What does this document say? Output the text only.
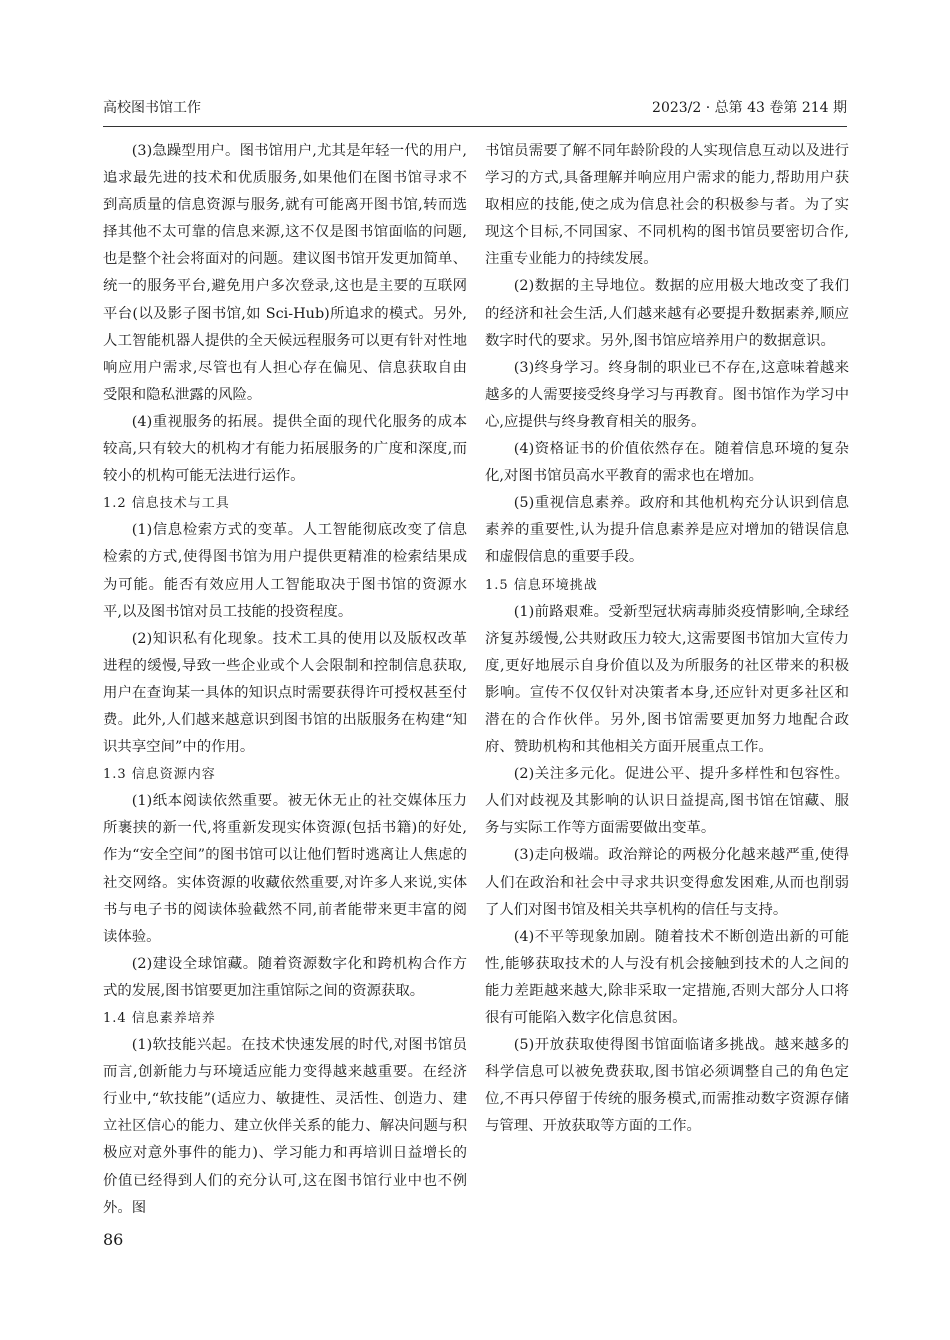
高校图书馆工作	2023/2 · 总第 43 卷第 214 期

(3)急躁型用户。图书馆用户,尤其是年轻一代的用户,追求最先进的技术和优质服务,如果他们在图书馆寻求不到高质量的信息资源与服务,就有可能离开图书馆,转而选择其他不太可靠的信息来源,这不仅是图书馆面临的问题,也是整个社会将面对的问题。建议图书馆开发更加简单、统一的服务平台,避免用户多次登录,这也是主要的互联网平台(以及影子图书馆,如 Sci-Hub)所追求的模式。另外,人工智能机器人提供的全天候远程服务可以更有针对性地响应用户需求,尽管也有人担心存在偏见、信息获取自由受限和隐私泄露的风险。

(4)重视服务的拓展。提供全面的现代化服务的成本较高,只有较大的机构才有能力拓展服务的广度和深度,而较小的机构可能无法进行运作。

1.2 信息技术与工具

(1)信息检索方式的变革。人工智能彻底改变了信息检索的方式,使得图书馆为用户提供更精准的检索结果成为可能。能否有效应用人工智能取决于图书馆的资源水平,以及图书馆对员工技能的投资程度。

(2)知识私有化现象。技术工具的使用以及版权改革进程的缓慢,导致一些企业或个人会限制和控制信息获取,用户在查询某一具体的知识点时需要获得许可授权甚至付费。此外,人们越来越意识到图书馆的出版服务在构建“知识共享空间”中的作用。

1.3 信息资源内容

(1)纸本阅读依然重要。被无休无止的社交媒体压力所裹挟的新一代,将重新发现实体资源(包括书籍)的好处,作为“安全空间”的图书馆可以让他们暂时逃离让人焦虑的社交网络。实体资源的收藏依然重要,对许多人来说,实体书与电子书的阅读体验截然不同,前者能带来更丰富的阅读体验。

(2)建设全球馆藏。随着资源数字化和跨机构合作方式的发展,图书馆要更加注重馆际之间的资源获取。

1.4 信息素养培养

(1)软技能兴起。在技术快速发展的时代,对图书馆员而言,创新能力与环境适应能力变得越来越重要。在经济行业中,“软技能”(适应力、敏捷性、灵活性、创造力、建立社区信心的能力、建立伙伴关系的能力、解决问题与积极应对意外事件的能力)、学习能力和再培训日益增长的价值已经得到人们的充分认可,这在图书馆行业中也不例外。图

书馆员需要了解不同年龄阶段的人实现信息互动以及进行学习的方式,具备理解并响应用户需求的能力,帮助用户获取相应的技能,使之成为信息社会的积极参与者。为了实现这个目标,不同国家、不同机构的图书馆员要密切合作,注重专业能力的持续发展。

(2)数据的主导地位。数据的应用极大地改变了我们的经济和社会生活,人们越来越有必要提升数据素养,顺应数字时代的要求。另外,图书馆应培养用户的数据意识。

(3)终身学习。终身制的职业已不存在,这意味着越来越多的人需要接受终身学习与再教育。图书馆作为学习中心,应提供与终身教育相关的服务。

(4)资格证书的价值依然存在。随着信息环境的复杂化,对图书馆员高水平教育的需求也在增加。

(5)重视信息素养。政府和其他机构充分认识到信息素养的重要性,认为提升信息素养是应对增加的错误信息和虚假信息的重要手段。

1.5 信息环境挑战

(1)前路艰难。受新型冠状病毒肺炎疫情影响,全球经济复苏缓慢,公共财政压力较大,这需要图书馆加大宣传力度,更好地展示自身价值以及为所服务的社区带来的积极影响。宣传不仅仅针对决策者本身,还应针对更多社区和潜在的合作伙伴。另外,图书馆需要更加努力地配合政府、赞助机构和其他相关方面开展重点工作。

(2)关注多元化。促进公平、提升多样性和包容性。人们对歧视及其影响的认识日益提高,图书馆在馆藏、服务与实际工作等方面需要做出变革。

(3)走向极端。政治辩论的两极分化越来越严重,使得人们在政治和社会中寻求共识变得愈发困难,从而也削弱了人们对图书馆及相关共享机构的信任与支持。

(4)不平等现象加剧。随着技术不断创造出新的可能性,能够获取技术的人与没有机会接触到技术的人之间的能力差距越来越大,除非采取一定措施,否则大部分人口将很有可能陷入数字化信息贫困。

(5)开放获取使得图书馆面临诸多挑战。越来越多的科学信息可以被免费获取,图书馆必须调整自己的角色定位,不再只停留于传统的服务模式,而需推动数字资源存储与管理、开放获取等方面的工作。

86
